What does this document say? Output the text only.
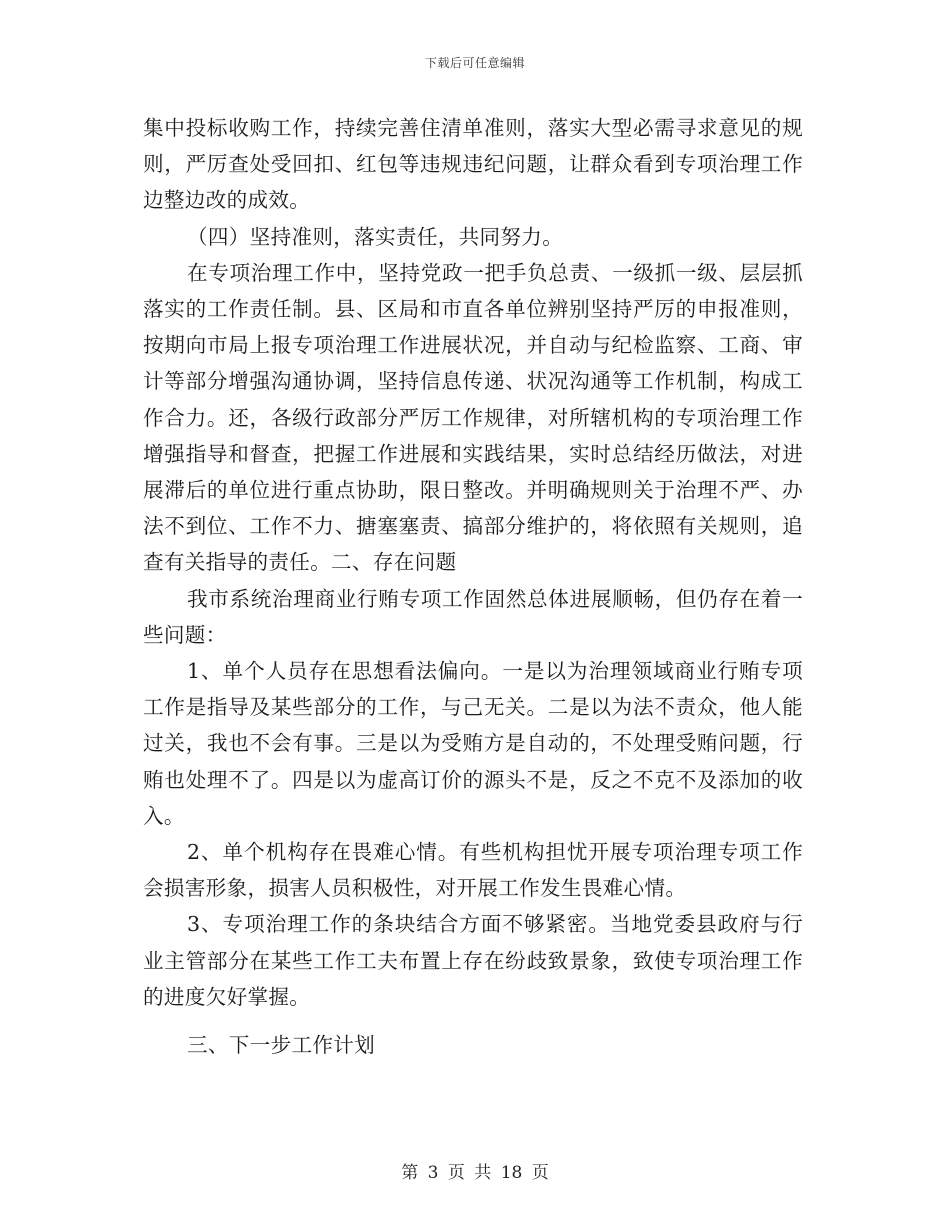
下载后可任意编辑

集中投标收购工作，持续完善住清单准则，落实大型必需寻求意见的规则，严厉查处受回扣、红包等违规违纪问题，让群众看到专项治理工作边整边改的成效。

（四）坚持准则，落实责任，共同努力。

在专项治理工作中，坚持党政一把手负总责、一级抓一级、层层抓落实的工作责任制。县、区局和市直各单位辨别坚持严厉的申报准则，按期向市局上报专项治理工作进展状况，并自动与纪检监察、工商、审计等部分增强沟通协调，坚持信息传递、状况沟通等工作机制，构成工作合力。还，各级行政部分严厉工作规律，对所辖机构的专项治理工作增强指导和督查，把握工作进展和实践结果，实时总结经历做法，对进展滞后的单位进行重点协助，限日整改。并明确规则关于治理不严、办法不到位、工作不力、搪塞塞责、搞部分维护的，将依照有关规则，追查有关指导的责任。二、存在问题

我市系统治理商业行贿专项工作固然总体进展顺畅，但仍存在着一些问题：

1、单个人员存在思想看法偏向。一是以为治理领域商业行贿专项工作是指导及某些部分的工作，与己无关。二是以为法不责众，他人能过关，我也不会有事。三是以为受贿方是自动的，不处理受贿问题，行贿也处理不了。四是以为虚高订价的源头不是，反之不克不及添加的收入。

2、单个机构存在畏难心情。有些机构担忧开展专项治理专项工作会损害形象，损害人员积极性，对开展工作发生畏难心情。

3、专项治理工作的条块结合方面不够紧密。当地党委县政府与行业主管部分在某些工作工夫布置上存在纷歧致景象，致使专项治理工作的进度欠好掌握。

三、下一步工作计划

第 3 页 共 18 页
